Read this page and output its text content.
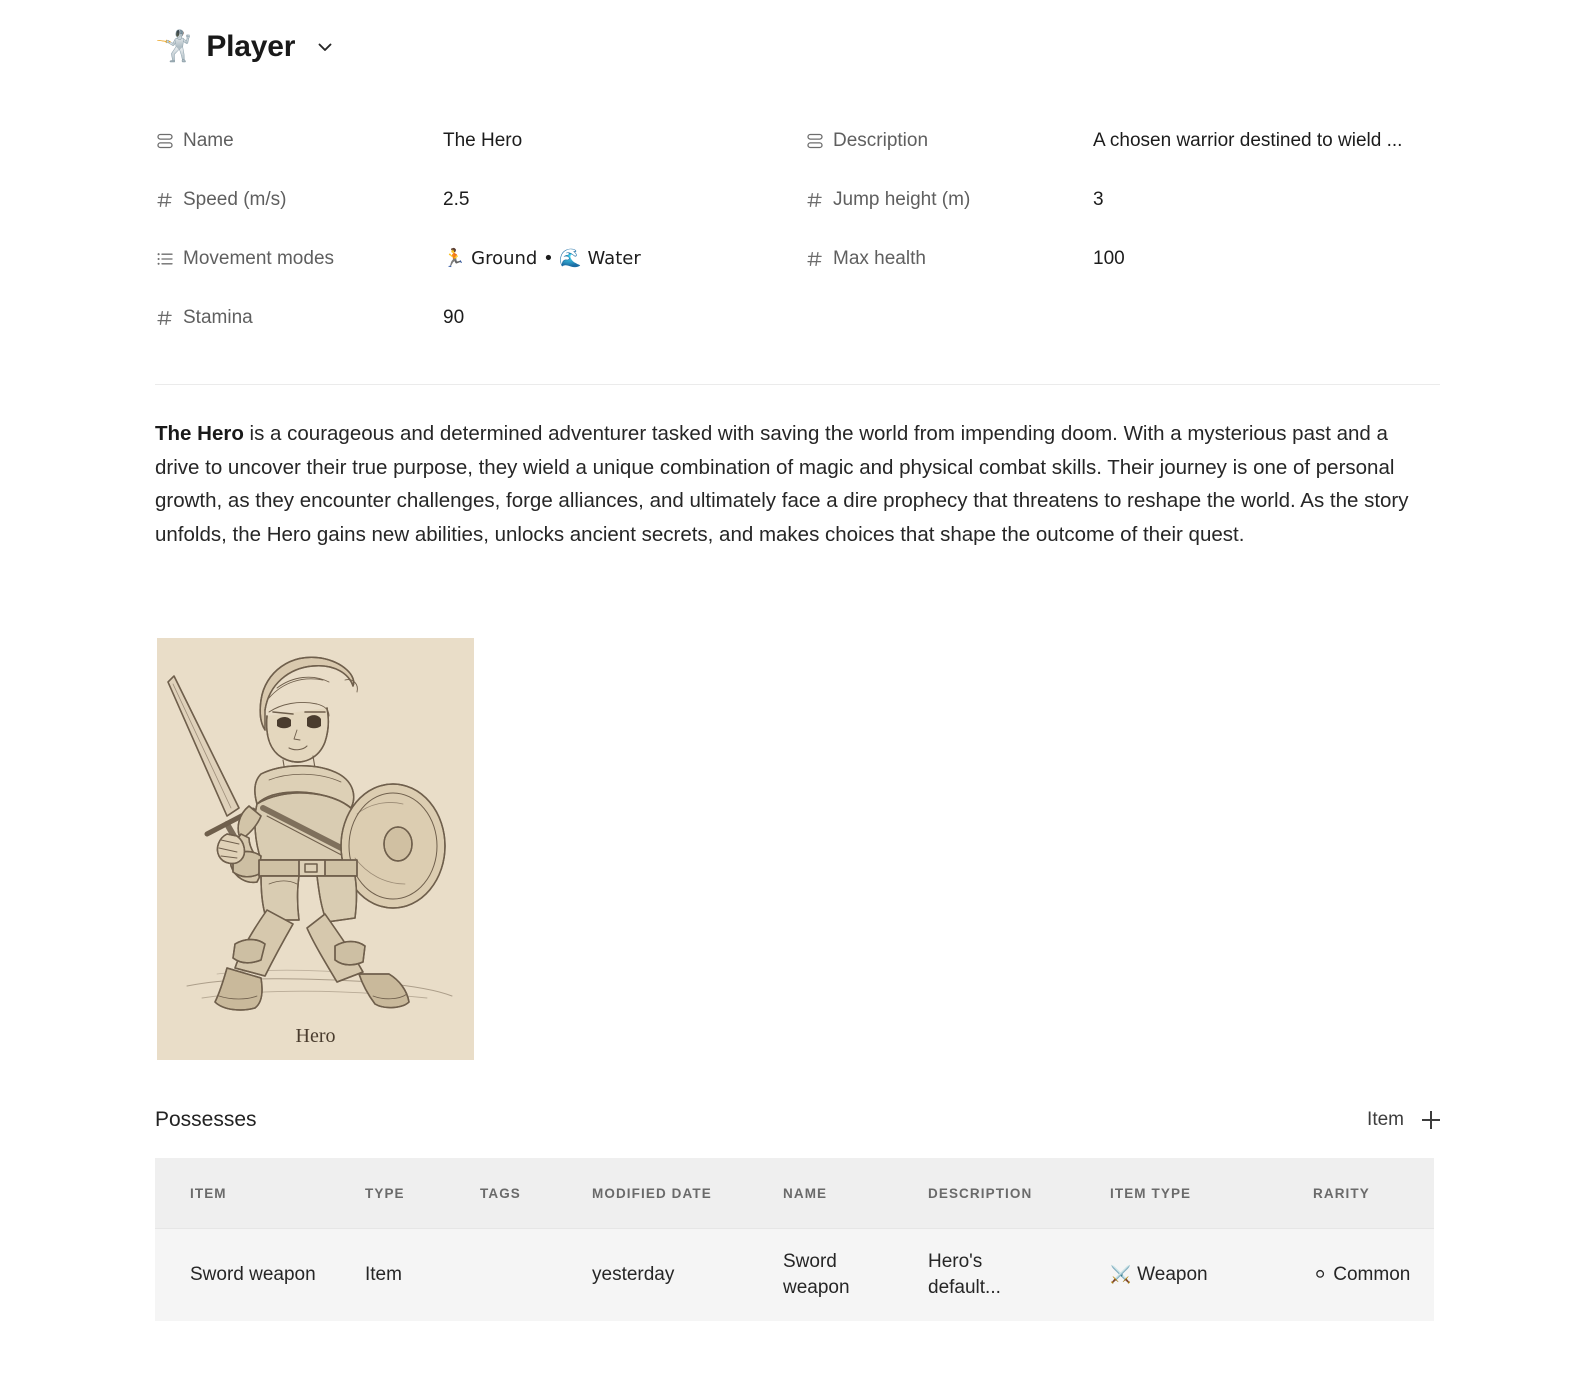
🤺 Player
Name	The Hero	Description	A chosen warrior destined to wield ...
Speed (m/s)	2.5	Jump height (m)	3
Movement modes	🏃 Ground • 🌊 Water	Max health	100
Stamina	90
The Hero is a courageous and determined adventurer tasked with saving the world from impending doom. With a mysterious past and a drive to uncover their true purpose, they wield a unique combination of magic and physical combat skills. Their journey is one of personal growth, as they encounter challenges, forge alliances, and ultimately face a dire prophecy that threatens to reshape the world. As the story unfolds, the Hero gains new abilities, unlocks ancient secrets, and makes choices that shape the outcome of their quest.
Hero
Possesses	Item
ITEM	TYPE	TAGS	MODIFIED DATE	NAME	DESCRIPTION	ITEM TYPE	RARITY

Sword weapon	Item		yesterday	Sword weapon	Hero's default...	⚔️ Weapon	⚪ Common
